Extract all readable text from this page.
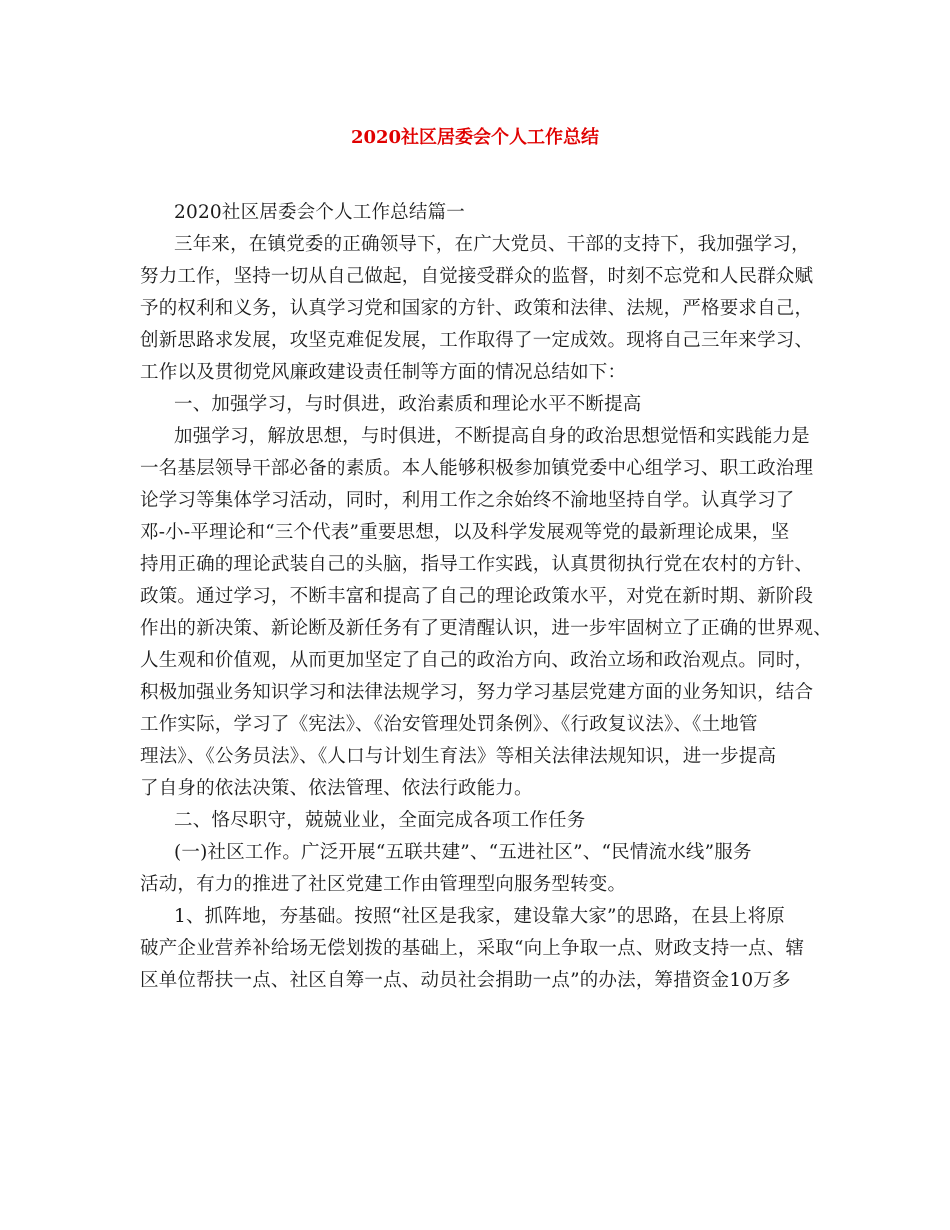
2020社区居委会个人工作总结
2020社区居委会个人工作总结篇一
三年来，在镇党委的正确领导下，在广大党员、干部的支持下，我加强学习，
努力工作，坚持一切从自己做起，自觉接受群众的监督，时刻不忘党和人民群众赋
予的权利和义务，认真学习党和国家的方针、政策和法律、法规，严格要求自己，
创新思路求发展，攻坚克难促发展，工作取得了一定成效。现将自己三年来学习、
工作以及贯彻党风廉政建设责任制等方面的情况总结如下：
一、加强学习，与时俱进，政治素质和理论水平不断提高
加强学习，解放思想，与时俱进，不断提高自身的政治思想觉悟和实践能力是
一名基层领导干部必备的素质。本人能够积极参加镇党委中心组学习、职工政治理
论学习等集体学习活动，同时，利用工作之余始终不渝地坚持自学。认真学习了
邓-小-平理论和“三个代表”重要思想，以及科学发展观等党的最新理论成果，坚
持用正确的理论武装自己的头脑，指导工作实践，认真贯彻执行党在农村的方针、
政策。通过学习，不断丰富和提高了自己的理论政策水平，对党在新时期、新阶段
作出的新决策、新论断及新任务有了更清醒认识，进一步牢固树立了正确的世界观、
人生观和价值观，从而更加坚定了自己的政治方向、政治立场和政治观点。同时，
积极加强业务知识学习和法律法规学习，努力学习基层党建方面的业务知识，结合
工作实际，学习了《宪法》、《治安管理处罚条例》、《行政复议法》、《土地管
理法》、《公务员法》、《人口与计划生育法》等相关法律法规知识，进一步提高
了自身的依法决策、依法管理、依法行政能力。
二、恪尽职守，兢兢业业，全面完成各项工作任务
(一)社区工作。广泛开展“五联共建”、“五进社区”、“民情流水线”服务
活动，有力的推进了社区党建工作由管理型向服务型转变。
1、抓阵地，夯基础。按照“社区是我家，建设靠大家”的思路，在县上将原
破产企业营养补给场无偿划拨的基础上，采取“向上争取一点、财政支持一点、辖
区单位帮扶一点、社区自筹一点、动员社会捐助一点”的办法，筹措资金10万多
